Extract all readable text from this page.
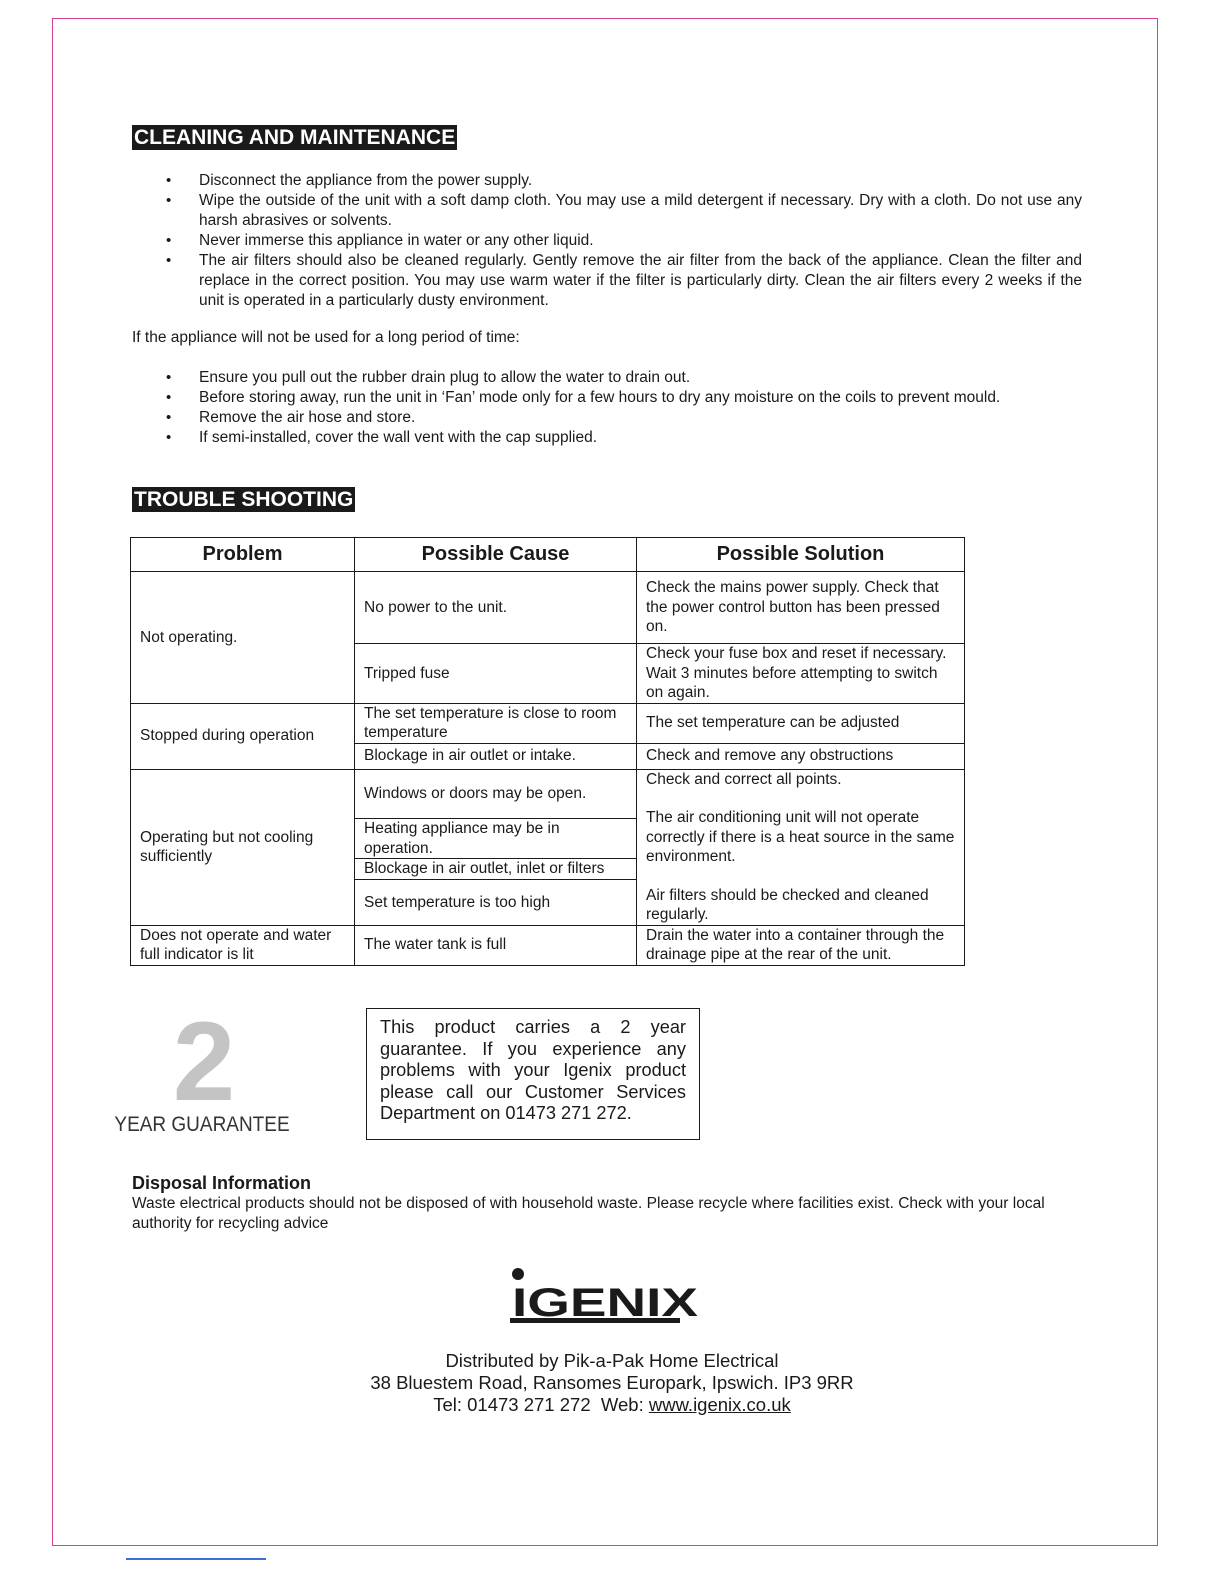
CLEANING AND MAINTENANCE
• Disconnect the appliance from the power supply.
• Wipe the outside of the unit with a soft damp cloth. You may use a mild detergent if necessary. Dry with a cloth. Do not use any harsh abrasives or solvents.
• Never immerse this appliance in water or any other liquid.
• The air filters should also be cleaned regularly. Gently remove the air filter from the back of the appliance. Clean the filter and replace in the correct position. You may use warm water if the filter is particularly dirty. Clean the air filters every 2 weeks if the unit is operated in a particularly dusty environment.

If the appliance will not be used for a long period of time:

• Ensure you pull out the rubber drain plug to allow the water to drain out.
• Before storing away, run the unit in ‘Fan’ mode only for a few hours to dry any moisture on the coils to prevent mould.
• Remove the air hose and store.
• If semi-installed, cover the wall vent with the cap supplied.
TROUBLE SHOOTING
Problem	Possible Cause	Possible Solution
Not operating.	No power to the unit.	Check the mains power supply. Check that the power control button has been pressed on.
	Tripped fuse	Check your fuse box and reset if necessary. Wait 3 minutes before attempting to switch on again.
Stopped during operation	The set temperature is close to room temperature	The set temperature can be adjusted
	Blockage in air outlet or intake.	Check and remove any obstructions
Operating but not cooling sufficiently	Windows or doors may be open.	Check and correct all points.
The air conditioning unit will not operate correctly if there is a heat source in the same environment.
Air filters should be checked and cleaned regularly.

	Heating appliance may be in operation.	
	Blockage in air outlet, inlet or filters	
	Set temperature is too high	
Does not operate and water full indicator is lit	The water tank is full	Drain the water into a container through the drainage pipe at the rear of the unit.
2
YEAR GUARANTEE
This product carries a 2 year guarantee. If you experience any problems with your Igenix product please call our Customer Services Department on 01473 271 272.

Disposal Information

Waste electrical products should not be disposed of with household waste. Please recycle where facilities exist. Check with your local authority for recycling advice

IGENIX
Distributed by Pik-a-Pak Home Electrical
38 Bluestem Road, Ransomes Europark, Ipswich. IP3 9RR
Tel: 01473 271 272  Web: www.igenix.co.uk
